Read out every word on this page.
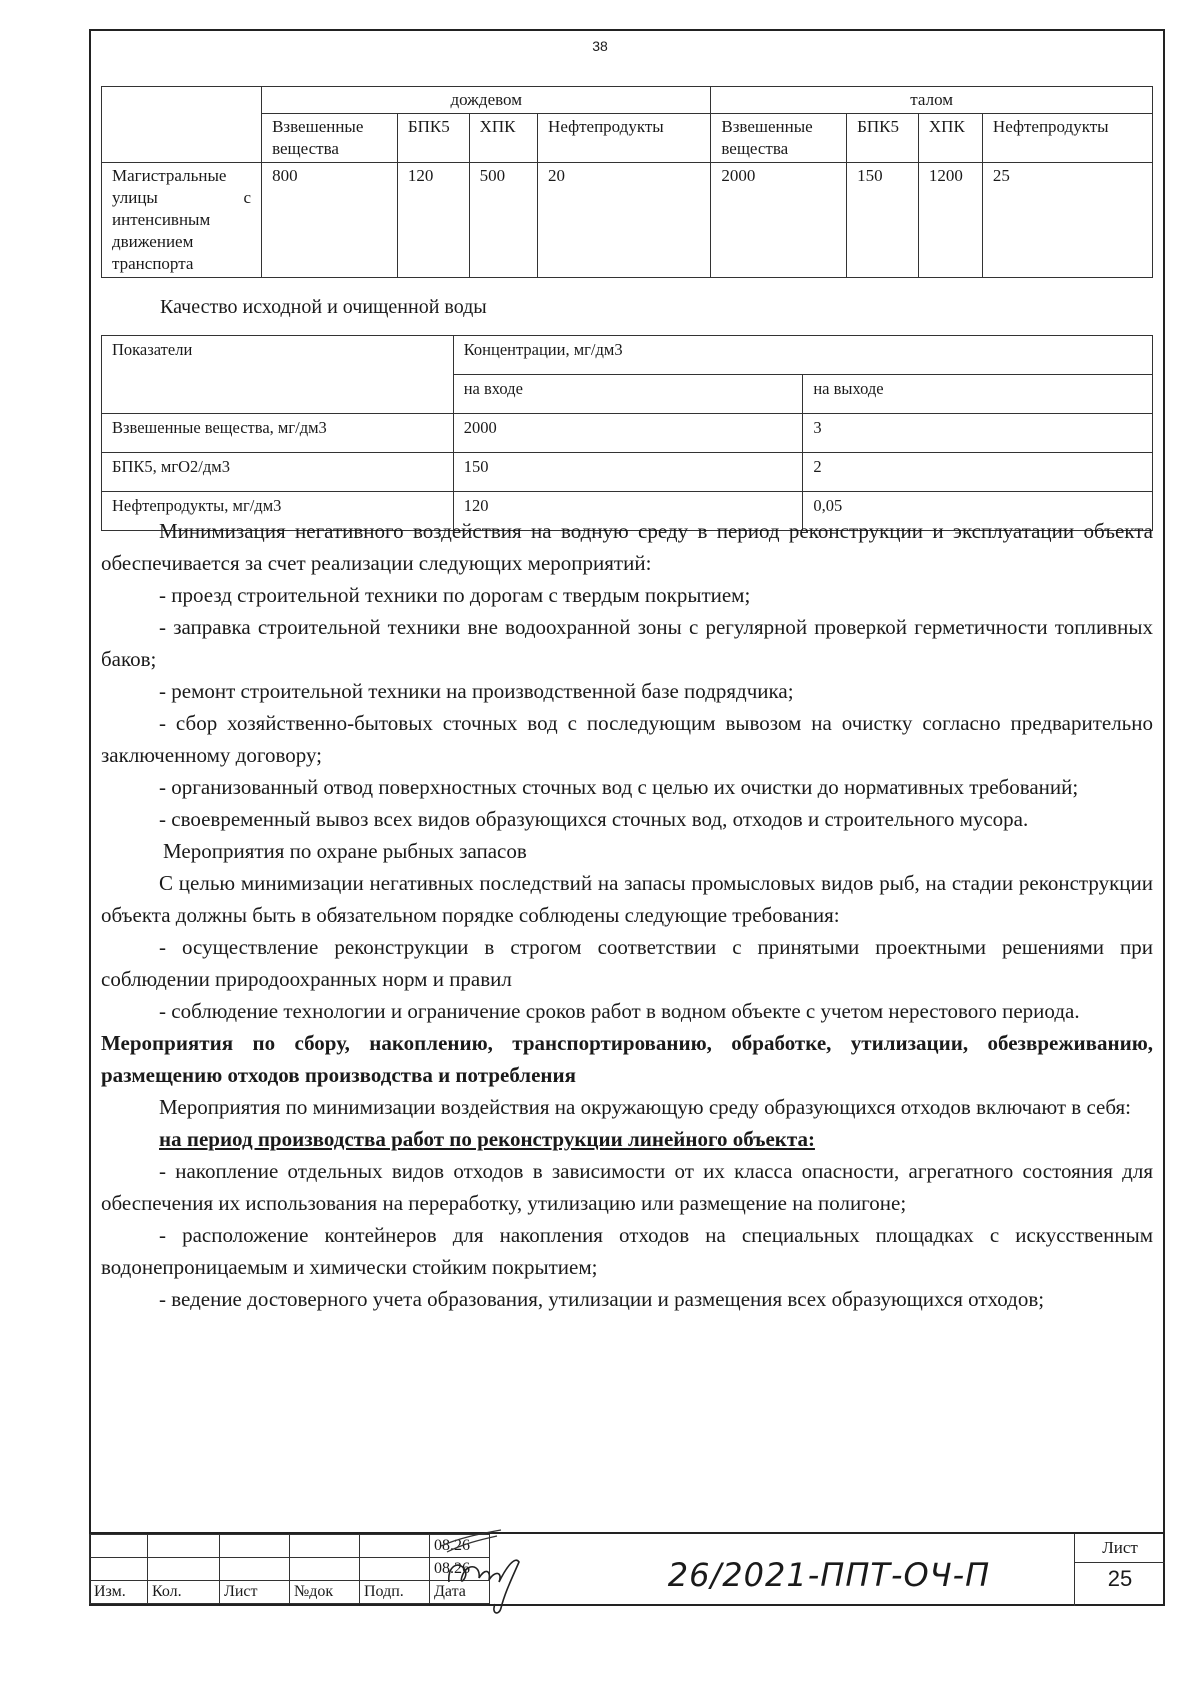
38
	дождевом				талом			
	Взвешенные вещества	БПК5	ХПК	Нефтепродукты	Взвешенные вещества	БПК5	ХПК	Нефтепродукты
Магистральные улицы с интенсивным движением транспорта	800	120	500	20	2000	150	1200	25
Качество исходной и очищенной воды
Показатели	Концентрации, мг/дм3	
	на входе	на выходе
Взвешенные вещества, мг/дм3	2000	3
БПК5, мгО2/дм3	150	2
Нефтепродукты, мг/дм3	120	0,05

Минимизация негативного воздействия на водную среду в период реконструкции и эксплуатации объекта обеспечивается за счет реализации следующих мероприятий:

- проезд строительной техники по дорогам с твердым покрытием;

- заправка строительной техники вне водоохранной зоны с регулярной проверкой герметичности топливных баков;

- ремонт строительной техники на производственной базе подрядчика;

- сбор хозяйственно-бытовых сточных вод с последующим вывозом на очистку согласно предварительно заключенному договору;

- организованный отвод поверхностных сточных вод с целью их очистки до нормативных требований;

- своевременный вывоз всех видов образующихся сточных вод, отходов и строительного мусора.

Мероприятия по охране рыбных запасов

С целью минимизации негативных последствий на запасы промысловых видов рыб, на стадии реконструкции объекта должны быть в обязательном порядке соблюдены следующие требования:

- осуществление реконструкции в строгом соответствии с принятыми проектными решениями при соблюдении природоохранных норм и правил

- соблюдение технологии и ограничение сроков работ в водном объекте с учетом нерестового периода.

Мероприятия по сбору, накоплению, транспортированию, обработке, утилизации, обезвреживанию, размещению отходов производства и потребления

Мероприятия по минимизации воздействия на окружающую среду образующихся отходов включают в себя:

на период производства работ по реконструкции линейного объекта:

- накопление отдельных видов отходов в зависимости от их класса опасности, агрегатного состояния для обеспечения их использования на переработку, утилизацию или размещение на полигоне;

- расположение контейнеров для накопления отходов на специальных площадках с искусственным водонепроницаемым и химически стойким покрытием;

- ведение достоверного учета образования, утилизации и размещения всех образующихся отходов;

					08.26
					08.26
Изм.	Кол.	Лист	№док	Подп.	Дата	26/2021-ППТ-ОЧ-П
Лист
25
